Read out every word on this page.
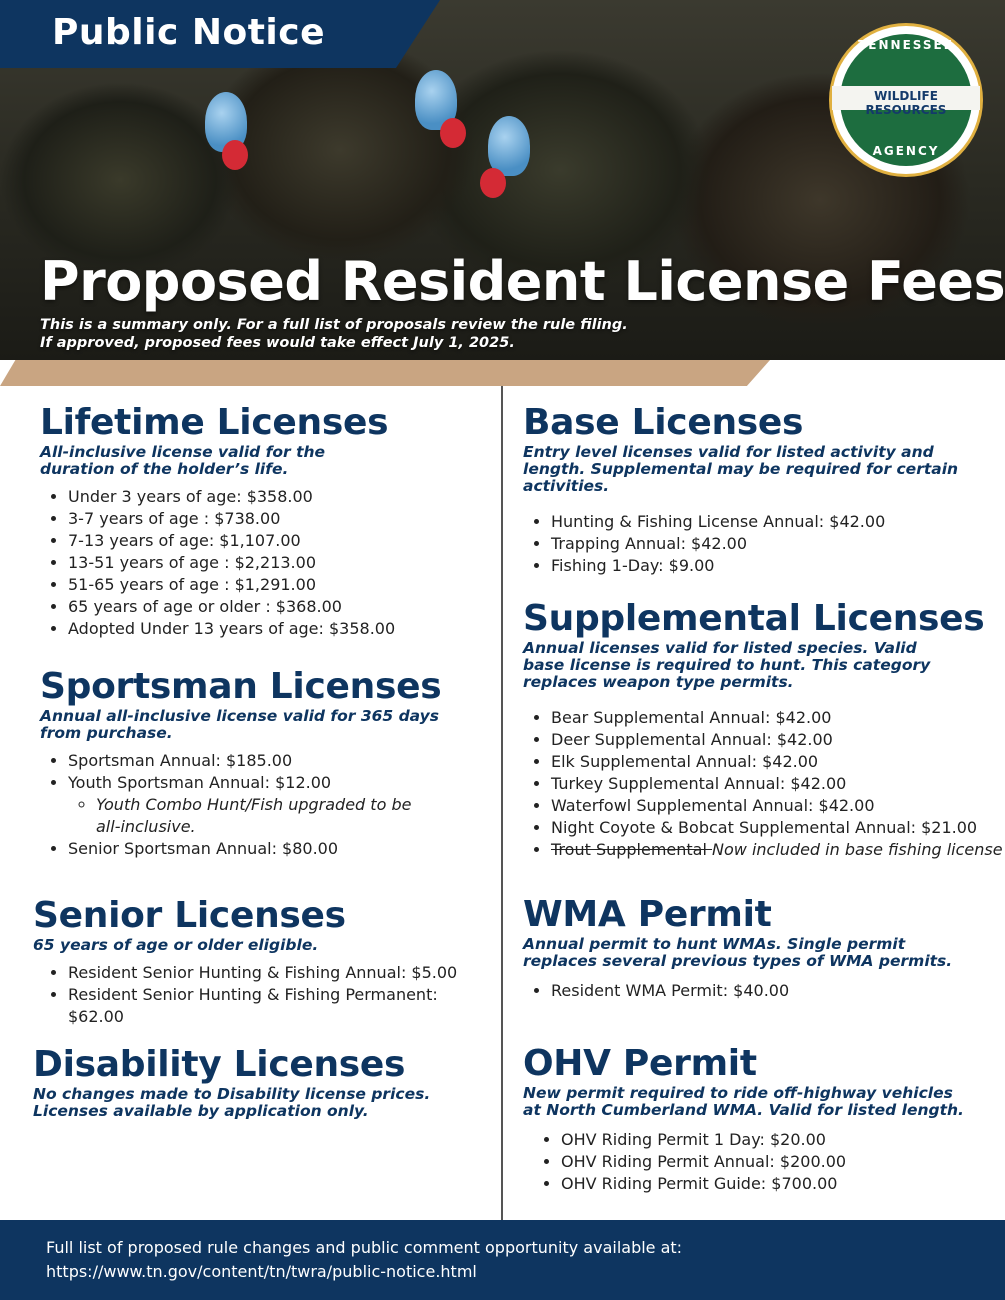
Public Notice	TENNESSEE
WILDLIFE RESOURCES
AGENCY
Proposed Resident License Fees
This is a summary only. For a full list of proposals review the rule filing.
If approved, proposed fees would take effect July 1, 2025.
Lifetime Licenses
All-inclusive license valid for the duration of the holder’s life.
• Under 3 years of age: $358.00
• 3-7 years of age : $738.00
• 7-13 years of age: $1,107.00
• 13-51 years of age : $2,213.00
• 51-65 years of age : $1,291.00
• 65 years of age or older : $368.00
• Adopted Under 13 years of age: $358.00
Sportsman Licenses
Annual all-inclusive license valid for 365 days from purchase.
• Sportsman Annual: $185.00
• Youth Sportsman Annual: $12.00
◦ Youth Combo Hunt/Fish upgraded to be all-inclusive.
• Senior Sportsman Annual: $80.00
Senior Licenses
65 years of age or older eligible.
• Resident Senior Hunting & Fishing Annual: $5.00
• Resident Senior Hunting & Fishing Permanent: $62.00
Disability Licenses
No changes made to Disability license prices. Licenses available by application only.
Base Licenses
Entry level licenses valid for listed activity and length. Supplemental may be required for certain activities.
• Hunting & Fishing License Annual: $42.00
• Trapping Annual: $42.00
• Fishing 1-Day: $9.00
Supplemental Licenses
Annual licenses valid for listed species. Valid base license is required to hunt. This category replaces weapon type permits.
• Bear Supplemental Annual: $42.00
• Deer Supplemental Annual: $42.00
• Elk Supplemental Annual: $42.00
• Turkey Supplemental Annual: $42.00
• Waterfowl Supplemental Annual: $42.00
• Night Coyote & Bobcat Supplemental Annual: $21.00
• Trout Supplemental Now included in base fishing license
WMA Permit
Annual permit to hunt WMAs. Single permit replaces several previous types of WMA permits.
• Resident WMA Permit: $40.00
OHV Permit
New permit required to ride off-highway vehicles at North Cumberland WMA. Valid for listed length.
• OHV Riding Permit 1 Day: $20.00
• OHV Riding Permit Annual: $200.00
• OHV Riding Permit Guide: $700.00

Full list of proposed rule changes and public comment opportunity available at:
https://www.tn.gov/content/tn/twra/public-notice.html
